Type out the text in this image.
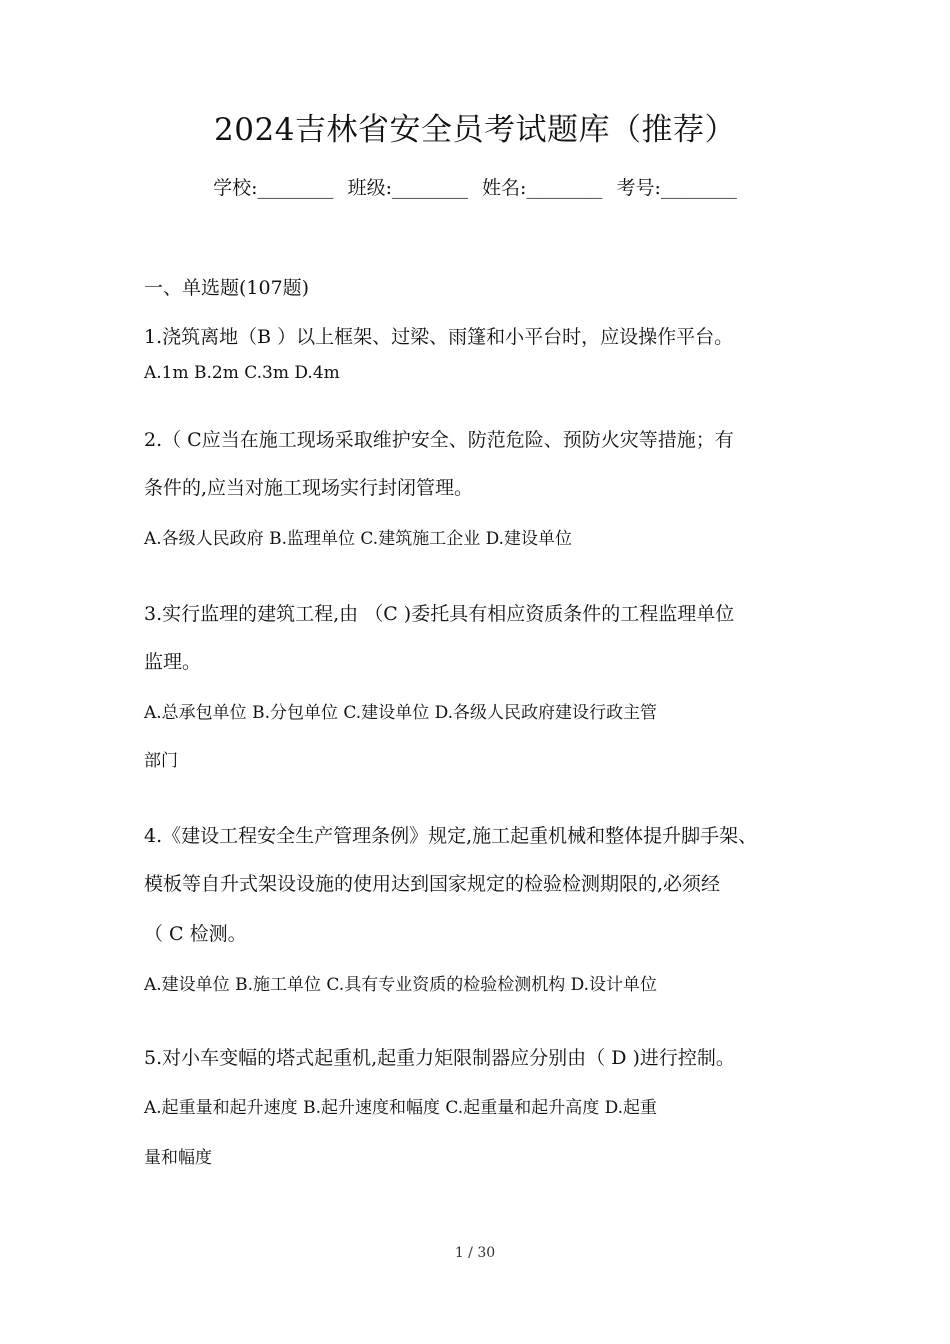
2024吉林省安全员考试题库（推荐）
学校:________ 班级:________ 姓名:________ 考号:________
一、单选题(107题)
1.浇筑离地（B ）以上框架、过梁、雨篷和小平台时，应设操作平台。
A.1m B.2m C.3m D.4m
2.（ C应当在施工现场采取维护安全、防范危险、预防火灾等措施；有
条件的,应当对施工现场实行封闭管理。
A.各级人民政府 B.监理单位 C.建筑施工企业 D.建设单位
3.实行监理的建筑工程,由 （C )委托具有相应资质条件的工程监理单位
监理。
A.总承包单位 B.分包单位 C.建设单位 D.各级人民政府建设行政主管
部门
4.《建设工程安全生产管理条例》规定,施工起重机械和整体提升脚手架、
模板等自升式架设设施的使用达到国家规定的检验检测期限的,必须经
（ C 检测。
A.建设单位 B.施工单位 C.具有专业资质的检验检测机构 D.设计单位
5.对小车变幅的塔式起重机,起重力矩限制器应分别由（ D )进行控制。
A.起重量和起升速度 B.起升速度和幅度 C.起重量和起升高度 D.起重
量和幅度
1 / 30
